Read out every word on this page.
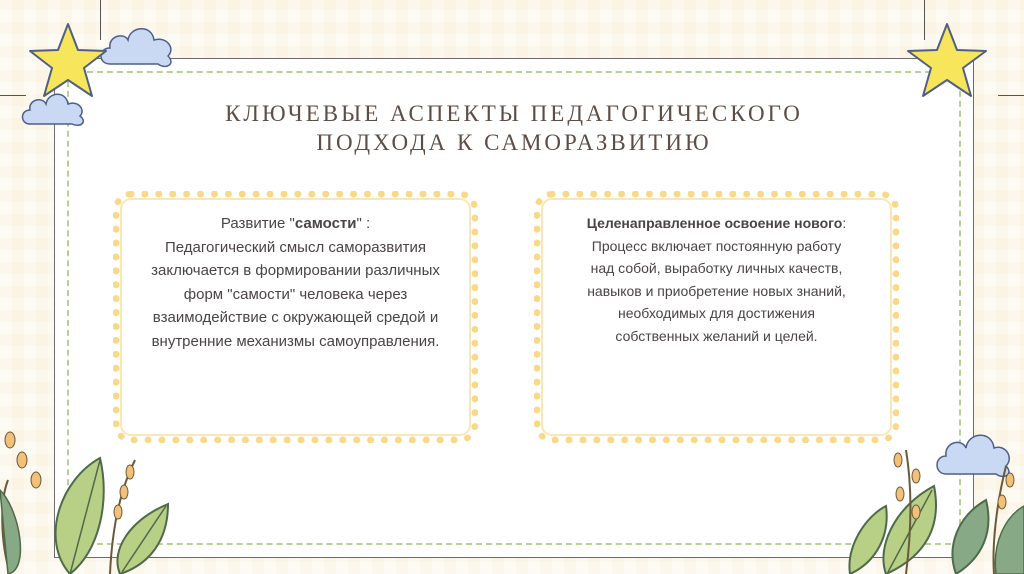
КЛЮЧЕВЫЕ АСПЕКТЫ ПЕДАГОГИЧЕСКОГО
ПОДХОДА К САМОРАЗВИТИЮ
Развитие "самости" :
Педагогический смысл саморазвития
заключается в формировании различных
форм "самости" человека через
взаимодействие с окружающей средой и
внутренние механизмы самоуправления.
Целенаправленное освоение нового:
Процесс включает постоянную работу
над собой, выработку личных качеств,
навыков и приобретение новых знаний,
необходимых для достижения
собственных желаний и целей.
